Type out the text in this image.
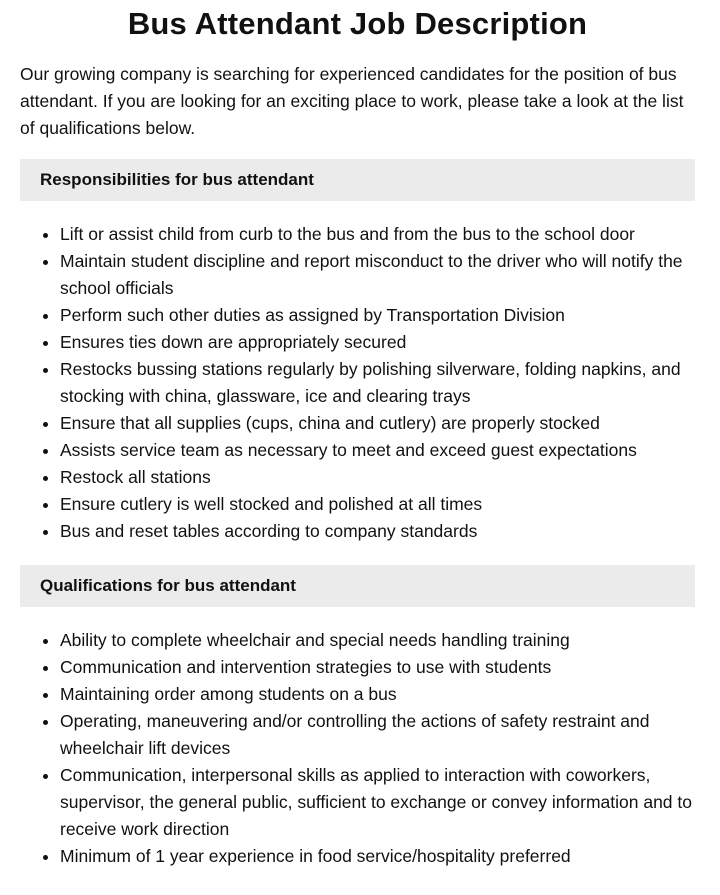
Bus Attendant Job Description

Our growing company is searching for experienced candidates for the position of bus attendant. If you are looking for an exciting place to work, please take a look at the list of qualifications below.

Responsibilities for bus attendant
Lift or assist child from curb to the bus and from the bus to the school door
Maintain student discipline and report misconduct to the driver who will notify the school officials
Perform such other duties as assigned by Transportation Division
Ensures ties down are appropriately secured
Restocks bussing stations regularly by polishing silverware, folding napkins, and stocking with china, glassware, ice and clearing trays
Ensure that all supplies (cups, china and cutlery) are properly stocked
Assists service team as necessary to meet and exceed guest expectations
Restock all stations
Ensure cutlery is well stocked and polished at all times
Bus and reset tables according to company standards
Qualifications for bus attendant
Ability to complete wheelchair and special needs handling training
Communication and intervention strategies to use with students
Maintaining order among students on a bus
Operating, maneuvering and/or controlling the actions of safety restraint and wheelchair lift devices
Communication, interpersonal skills as applied to interaction with coworkers, supervisor, the general public, sufficient to exchange or convey information and to receive work direction
Minimum of 1 year experience in food service/hospitality preferred
